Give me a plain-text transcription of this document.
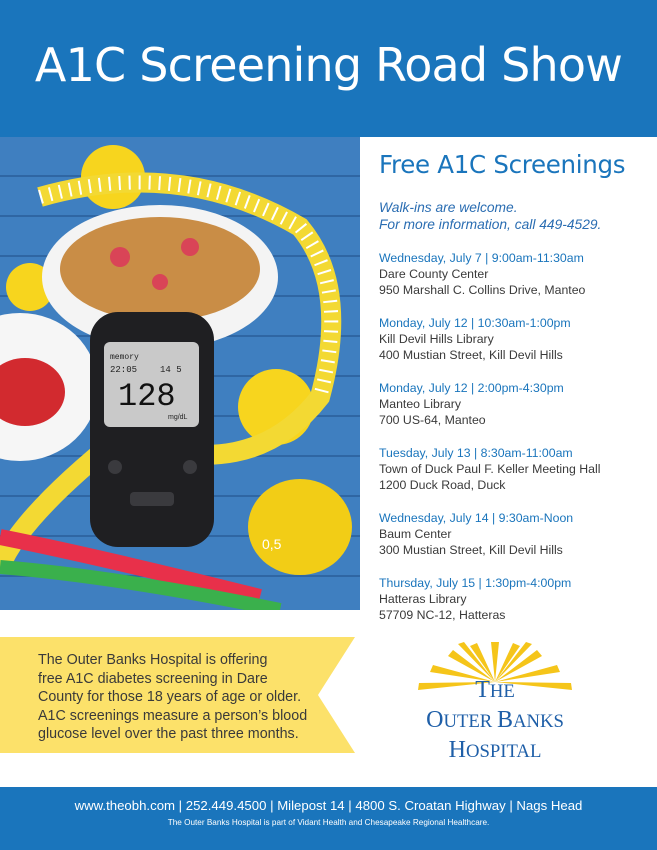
A1C Screening Road Show
0,5
memory
22:05	14 5
128
mg/dL
Free A1C Screenings
Walk-ins are welcome.
For more information, call 449-4529.
Wednesday, July 7 | 9:00am-11:30am
Dare County Center
950 Marshall C. Collins Drive, Manteo
Monday, July 12 | 10:30am-1:00pm
Kill Devil Hills Library
400 Mustian Street, Kill Devil Hills
Monday, July 12 | 2:00pm-4:30pm
Manteo Library
700 US-64, Manteo
Tuesday, July 13 | 8:30am-11:00am
Town of Duck Paul F. Keller Meeting Hall
1200 Duck Road, Duck
Wednesday, July 14 | 9:30am-Noon
Baum Center
300 Mustian Street, Kill Devil Hills
Thursday, July 15 | 1:30pm-4:00pm
Hatteras Library
57709 NC-12, Hatteras
The Outer Banks Hospital is offering
free A1C diabetes screening in Dare
County for those 18 years of age or older.
A1C screenings measure a person’s blood
glucose level over the past three months.
THE
OUTER BANKS
HOSPITAL
www.theobh.com | 252.449.4500 | Milepost 14 | 4800 S. Croatan Highway | Nags Head
The Outer Banks Hospital is part of Vidant Health and Chesapeake Regional Healthcare.
